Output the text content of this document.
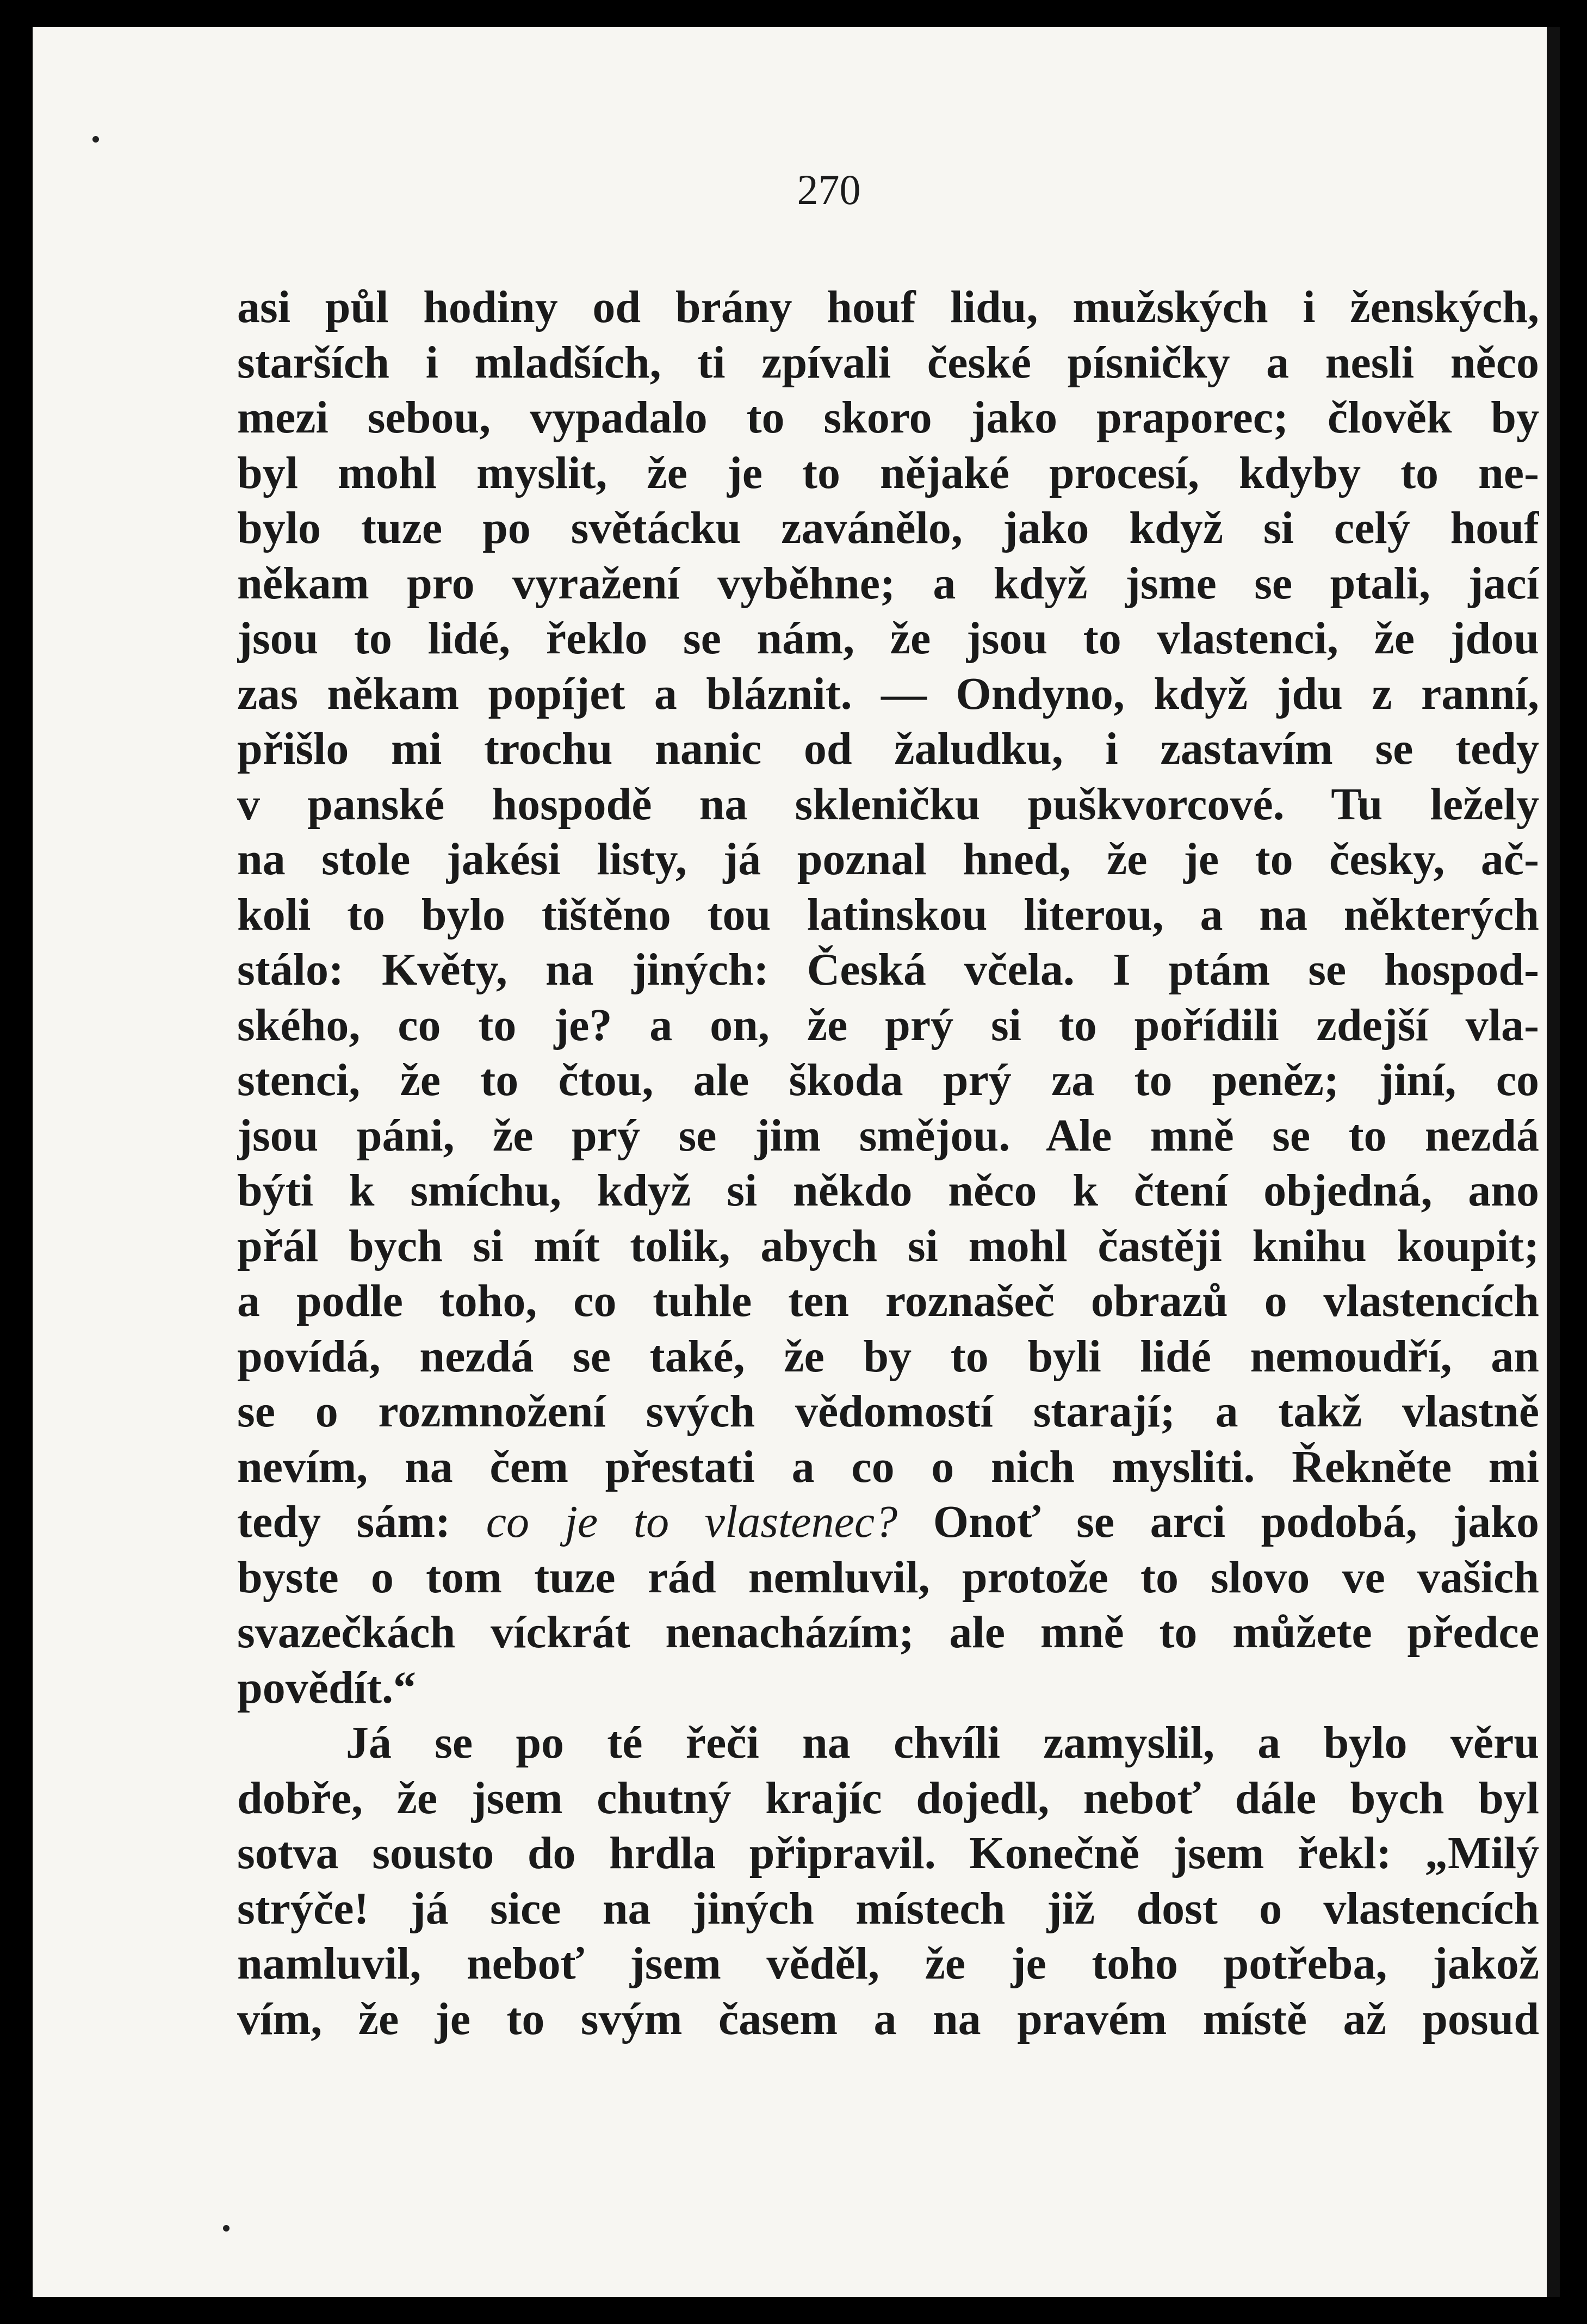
270
asi půl hodiny od brány houf lidu, mužských i ženských,
starších i mladších, ti zpívali české písničky a nesli něco
mezi sebou, vypadalo to skoro jako praporec; člověk by
byl mohl myslit, že je to nějaké procesí, kdyby to ne-
bylo tuze po světácku zavánělo, jako když si celý houf
někam pro vyražení vyběhne; a když jsme se ptali, jací
jsou to lidé, řeklo se nám, že jsou to vlastenci, že jdou
zas někam popíjet a bláznit. — Ondyno, když jdu z ranní,
přišlo mi trochu nanic od žaludku, i zastavím se tedy
v panské hospodě na skleničku puškvorcové. Tu ležely
na stole jakési listy, já poznal hned, že je to česky, ač-
koli to bylo tištěno tou latinskou literou, a na některých
stálo: Květy, na jiných: Česká včela. I ptám se hospod-
ského, co to je? a on, že prý si to pořídili zdejší vla-
stenci, že to čtou, ale škoda prý za to peněz; jiní, co
jsou páni, že prý se jim smějou. Ale mně se to nezdá
býti k smíchu, když si někdo něco k čtení objedná, ano
přál bych si mít tolik, abych si mohl častěji knihu koupit;
a podle toho, co tuhle ten roznašeč obrazů o vlastencích
povídá, nezdá se také, že by to byli lidé nemoudří, an
se o rozmnožení svých vědomostí starají; a takž vlastně
nevím, na čem přestati a co o nich mysliti. Řekněte mi
tedy sám: co je to vlastenec? Onoť se arci podobá, jako
byste o tom tuze rád nemluvil, protože to slovo ve vašich
svazečkách víckrát nenacházím; ale mně to můžete předce
povědít.“
Já se po té řeči na chvíli zamyslil, a bylo věru
dobře, že jsem chutný krajíc dojedl, neboť dále bych byl
sotva sousto do hrdla připravil. Konečně jsem řekl: „Milý
strýče! já sice na jiných místech již dost o vlastencích
namluvil, neboť jsem věděl, že je toho potřeba, jakož
vím, že je to svým časem a na pravém místě až posud
